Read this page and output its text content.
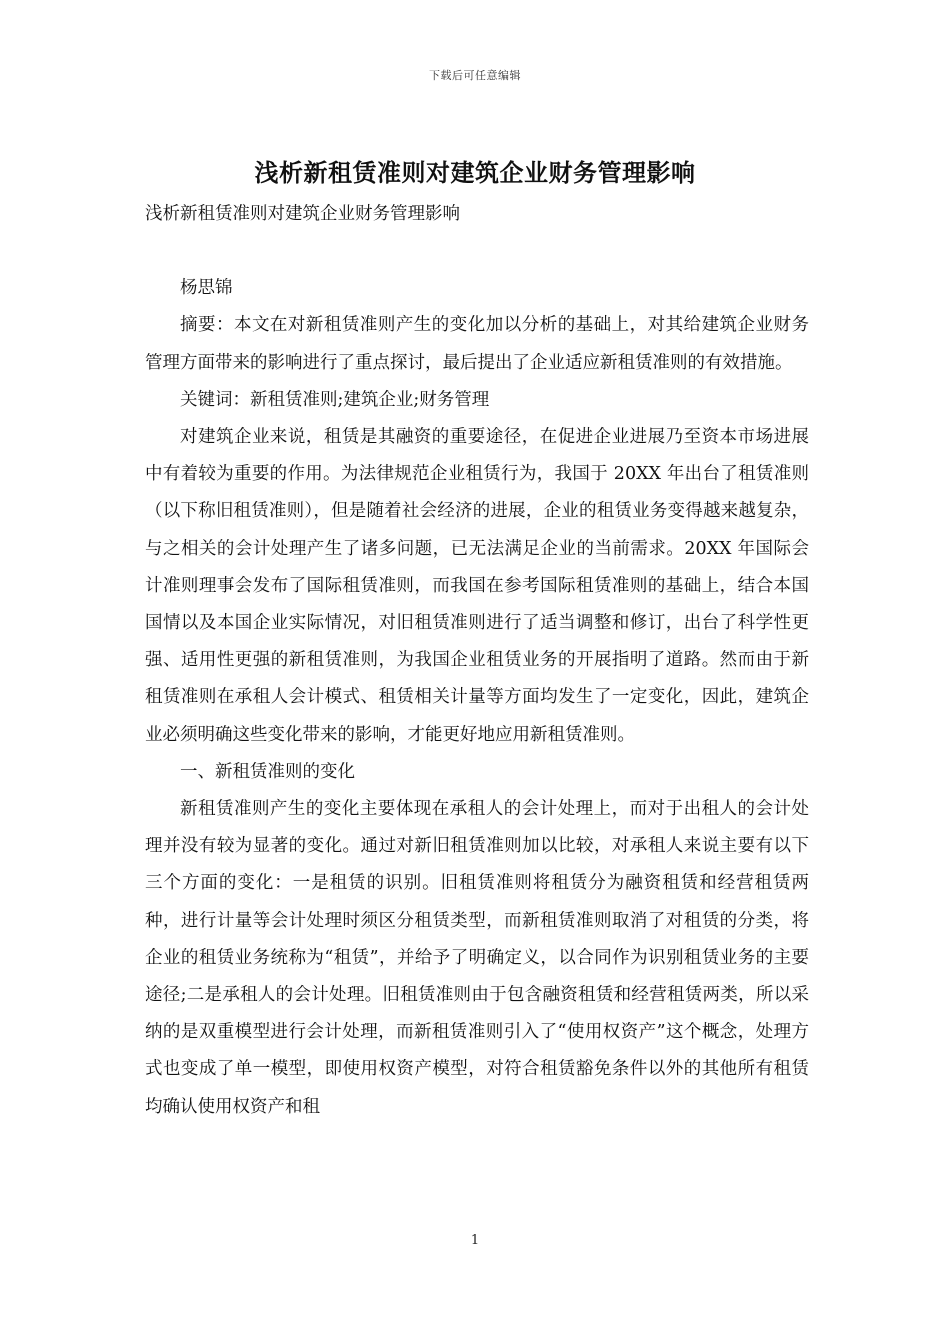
下载后可任意编辑
浅析新租赁准则对建筑企业财务管理影响

浅析新租赁准则对建筑企业财务管理影响

杨思锦

摘要：本文在对新租赁准则产生的变化加以分析的基础上，对其给建筑企业财务管理方面带来的影响进行了重点探讨，最后提出了企业适应新租赁准则的有效措施。

关键词：新租赁准则;建筑企业;财务管理

对建筑企业来说，租赁是其融资的重要途径，在促进企业进展乃至资本市场进展中有着较为重要的作用。为法律规范企业租赁行为，我国于 20XX 年出台了租赁准则（以下称旧租赁准则），但是随着社会经济的进展，企业的租赁业务变得越来越复杂，与之相关的会计处理产生了诸多问题，已无法满足企业的当前需求。20XX 年国际会计准则理事会发布了国际租赁准则，而我国在参考国际租赁准则的基础上，结合本国国情以及本国企业实际情况，对旧租赁准则进行了适当调整和修订，出台了科学性更强、适用性更强的新租赁准则，为我国企业租赁业务的开展指明了道路。然而由于新租赁准则在承租人会计模式、租赁相关计量等方面均发生了一定变化，因此，建筑企业必须明确这些变化带来的影响，才能更好地应用新租赁准则。

一、新租赁准则的变化

新租赁准则产生的变化主要体现在承租人的会计处理上，而对于出租人的会计处理并没有较为显著的变化。通过对新旧租赁准则加以比较，对承租人来说主要有以下三个方面的变化：一是租赁的识别。旧租赁准则将租赁分为融资租赁和经营租赁两种，进行计量等会计处理时须区分租赁类型，而新租赁准则取消了对租赁的分类，将企业的租赁业务统称为“租赁”，并给予了明确定义，以合同作为识别租赁业务的主要途径;二是承租人的会计处理。旧租赁准则由于包含融资租赁和经营租赁两类，所以采纳的是双重模型进行会计处理，而新租赁准则引入了“使用权资产”这个概念，处理方式也变成了单一模型，即使用权资产模型，对符合租赁豁免条件以外的其他所有租赁均确认使用权资产和租

1
